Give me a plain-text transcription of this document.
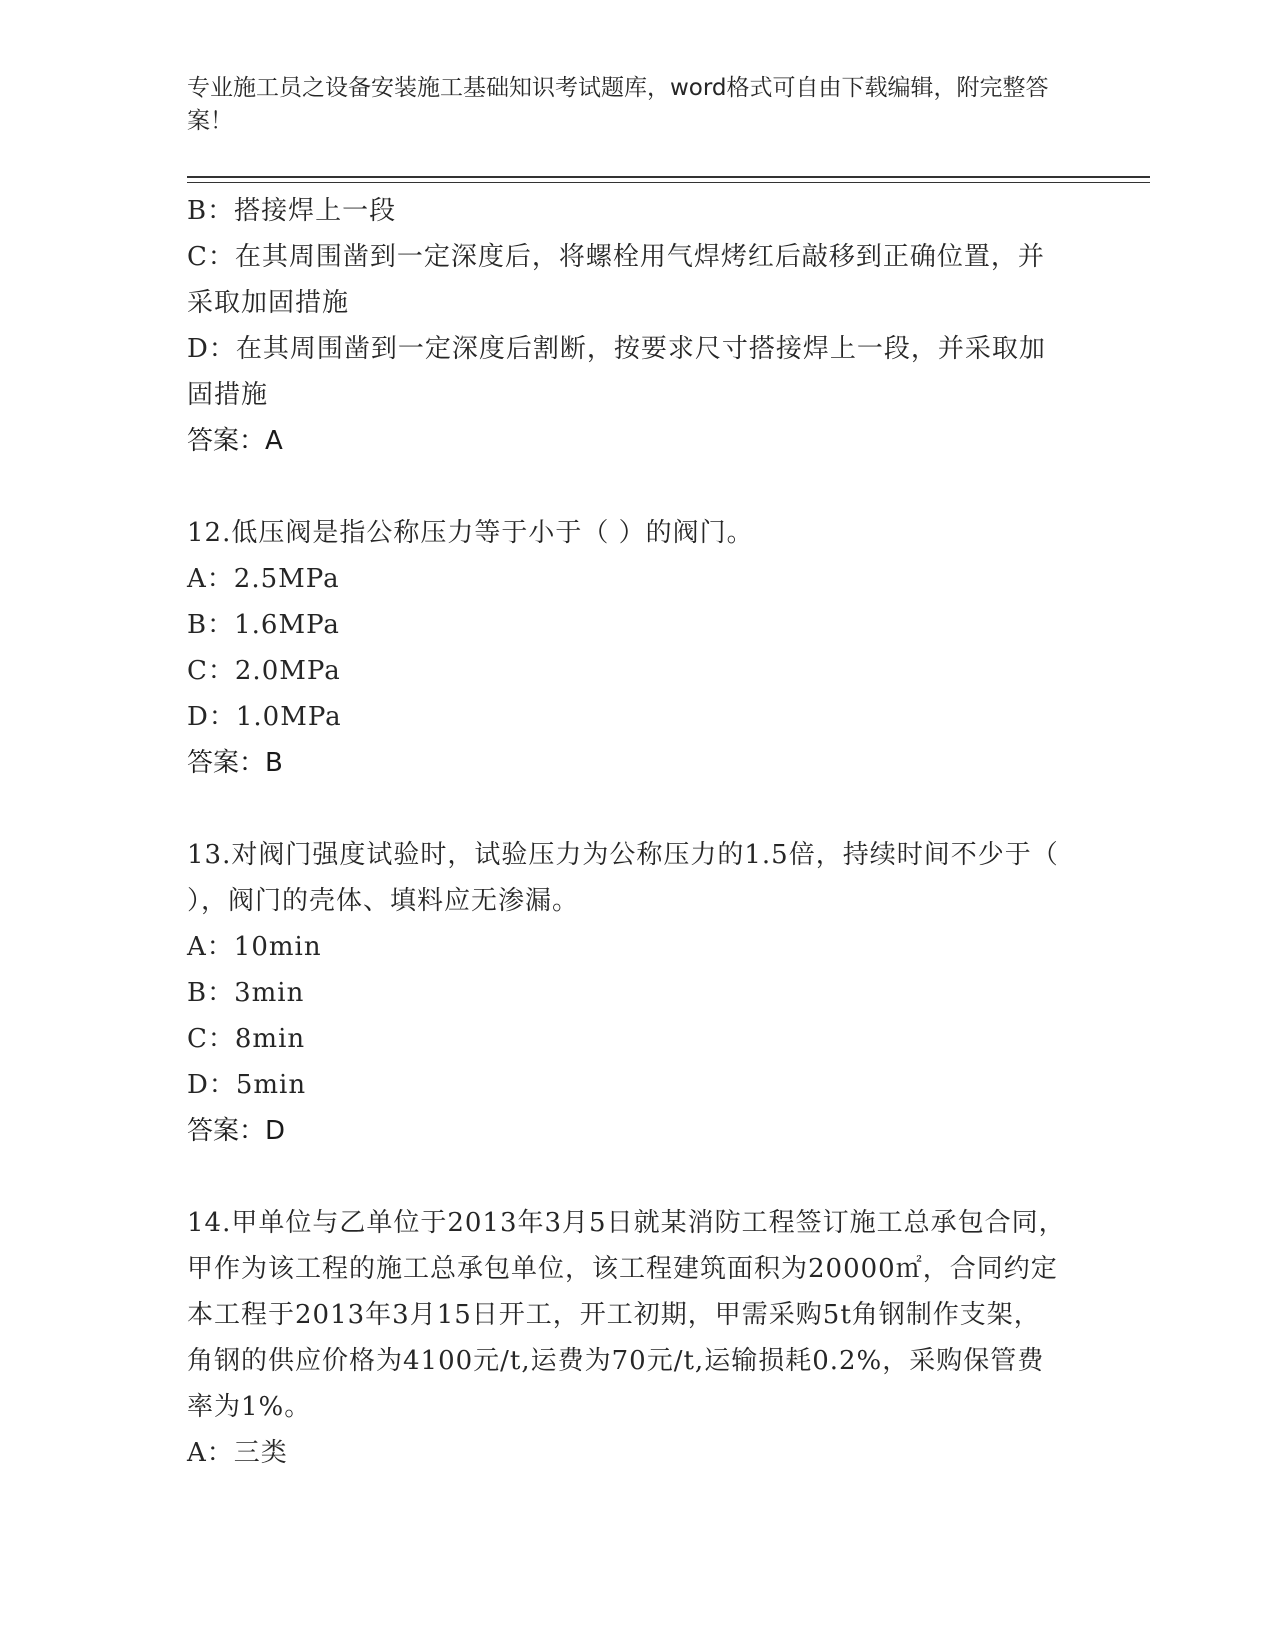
专业施工员之设备安装施工基础知识考试题库，word格式可自由下载编辑，附完整答案！
B：搭接焊上一段
C：在其周围凿到一定深度后，将螺栓用气焊烤红后敲移到正确位置，并采取加固措施
D：在其周围凿到一定深度后割断，按要求尺寸搭接焊上一段，并采取加固措施
答案：A
12.低压阀是指公称压力等于小于（ ）的阀门。
A：2.5MPa
B：1.6MPa
C：2.0MPa
D：1.0MPa
答案：B
13.对阀门强度试验时，试验压力为公称压力的1.5倍，持续时间不少于（ ），阀门的壳体、填料应无渗漏。
A：10min
B：3min
C：8min
D：5min
答案：D
14.甲单位与乙单位于2013年3月5日就某消防工程签订施工总承包合同，甲作为该工程的施工总承包单位，该工程建筑面积为20000㎡，合同约定本工程于2013年3月15日开工，开工初期，甲需采购5t角钢制作支架，角钢的供应价格为4100元/t,运费为70元/t,运输损耗0.2%，采购保管费率为1%。
A：三类
